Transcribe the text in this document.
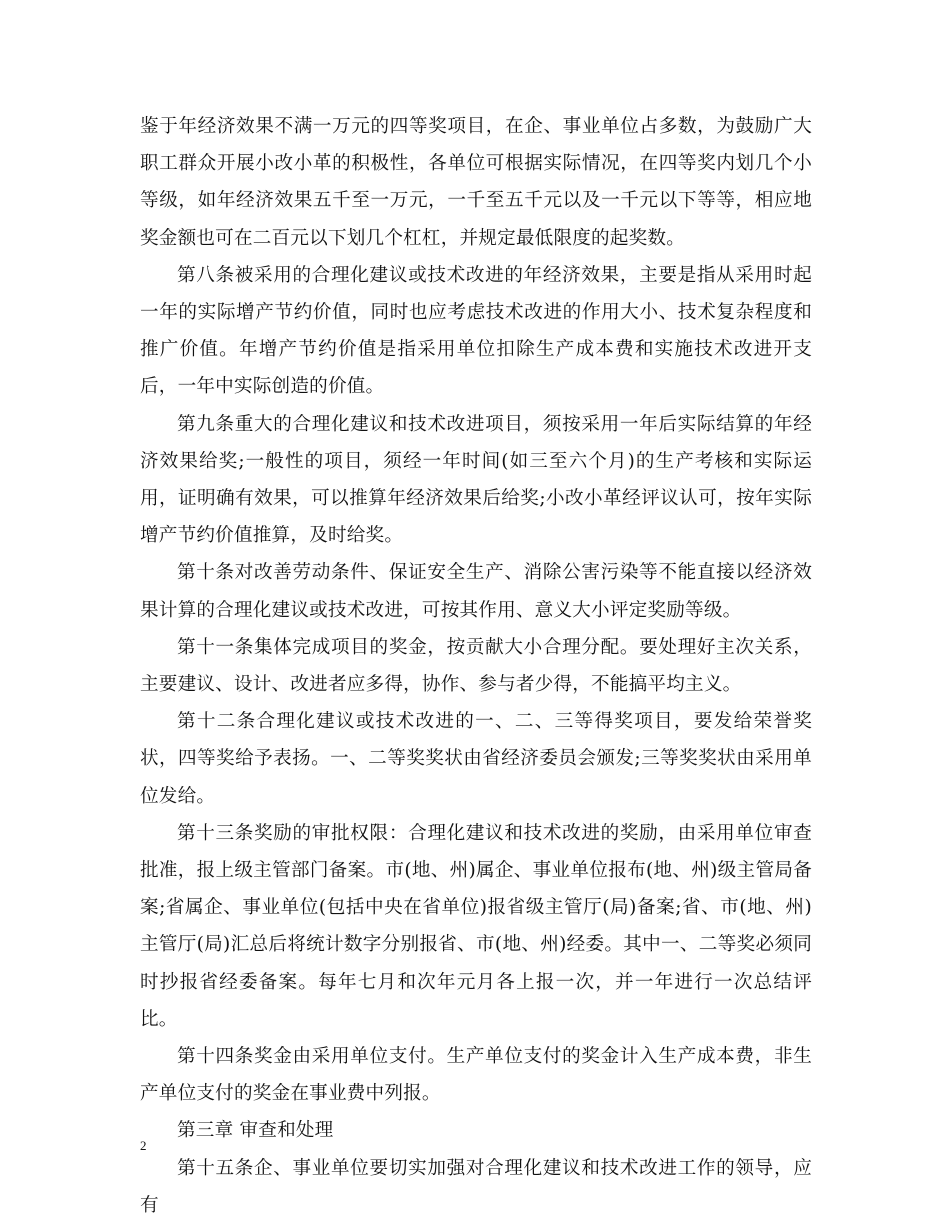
鉴于年经济效果不满一万元的四等奖项目，在企、事业单位占多数，为鼓励广大职工群众开展小改小革的积极性，各单位可根据实际情况，在四等奖内划几个小等级，如年经济效果五千至一万元，一千至五千元以及一千元以下等等，相应地奖金额也可在二百元以下划几个杠杠，并规定最低限度的起奖数。

第八条被采用的合理化建议或技术改进的年经济效果，主要是指从采用时起一年的实际增产节约价值，同时也应考虑技术改进的作用大小、技术复杂程度和推广价值。年增产节约价值是指采用单位扣除生产成本费和实施技术改进开支后，一年中实际创造的价值。

第九条重大的合理化建议和技术改进项目，须按采用一年后实际结算的年经济效果给奖;一般性的项目，须经一年时间(如三至六个月)的生产考核和实际运用，证明确有效果，可以推算年经济效果后给奖;小改小革经评议认可，按年实际增产节约价值推算，及时给奖。

第十条对改善劳动条件、保证安全生产、消除公害污染等不能直接以经济效果计算的合理化建议或技术改进，可按其作用、意义大小评定奖励等级。

第十一条集体完成项目的奖金，按贡献大小合理分配。要处理好主次关系，主要建议、设计、改进者应多得，协作、参与者少得，不能搞平均主义。

第十二条合理化建议或技术改进的一、二、三等得奖项目，要发给荣誉奖状，四等奖给予表扬。一、二等奖奖状由省经济委员会颁发;三等奖奖状由采用单位发给。

第十三条奖励的审批权限：合理化建议和技术改进的奖励，由采用单位审查批准，报上级主管部门备案。市(地、州)属企、事业单位报布(地、州)级主管局备案;省属企、事业单位(包括中央在省单位)报省级主管厅(局)备案;省、市(地、州)主管厅(局)汇总后将统计数字分别报省、市(地、州)经委。其中一、二等奖必须同时抄报省经委备案。每年七月和次年元月各上报一次，并一年进行一次总结评比。

第十四条奖金由采用单位支付。生产单位支付的奖金计入生产成本费，非生产单位支付的奖金在事业费中列报。

第三章 审查和处理

第十五条企、事业单位要切实加强对合理化建议和技术改进工作的领导，应有

2
